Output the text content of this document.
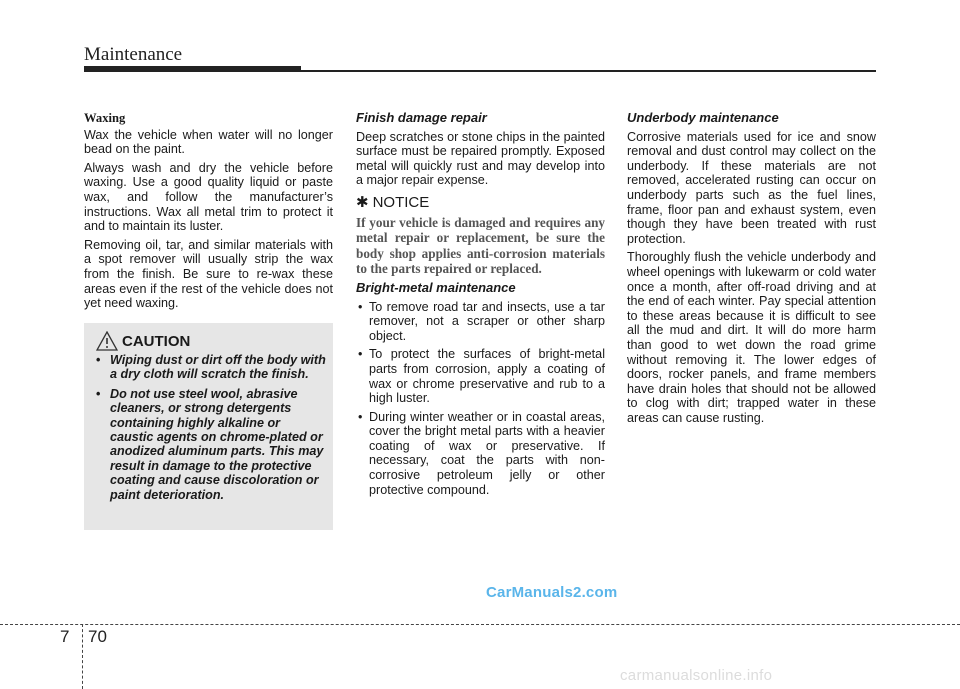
Maintenance
Waxing

Wax the vehicle when water will no longer bead on the paint.

Always wash and dry the vehicle before waxing. Use a good quality liquid or paste wax, and follow the manufacturer’s instructions. Wax all metal trim to protect it and to maintain its luster.

Removing oil, tar, and similar materials with a spot remover will usually strip the wax from the finish. Be sure to re-wax these areas even if the rest of the vehicle does not yet need waxing.

CAUTION
• Wiping dust or dirt off the body with a dry cloth will scratch the finish.
• Do not use steel wool, abrasive cleaners, or strong detergents containing highly alkaline or caustic agents on chrome-plated or anodized aluminum parts. This may result in damage to the protective coating and cause discoloration or paint deterioration.
Finish damage repair

Deep scratches or stone chips in the painted surface must be repaired promptly. Exposed metal will quickly rust and may develop into a major repair expense.

✱ NOTICE

If your vehicle is damaged and requires any metal repair or replacement, be sure the body shop applies anti-corrosion materials to the parts repaired or replaced.

Bright-metal maintenance
• To remove road tar and insects, use a tar remover, not a scraper or other sharp object.
• To protect the surfaces of bright-metal parts from corrosion, apply a coating of wax or chrome preservative and rub to a high luster.
• During winter weather or in coastal areas, cover the bright metal parts with a heavier coating of wax or preservative. If necessary, coat the parts with non-corrosive petroleum jelly or other protective compound.
Underbody maintenance

Corrosive materials used for ice and snow removal and dust control may collect on the underbody. If these materials are not removed, accelerated rusting can occur on underbody parts such as the fuel lines, frame, floor pan and exhaust system, even though they have been treated with rust protection.

Thoroughly flush the vehicle underbody and wheel openings with lukewarm or cold water once a month, after off-road driving and at the end of each winter. Pay special attention to these areas because it is difficult to see all the mud and dirt. It will do more harm than good to wet down the road grime without removing it. The lower edges of doors, rocker panels, and frame members have drain holes that should not be allowed to clog with dirt; trapped water in these areas can cause rusting.

CarManuals2.com
7 70
carmanualsonline.info
